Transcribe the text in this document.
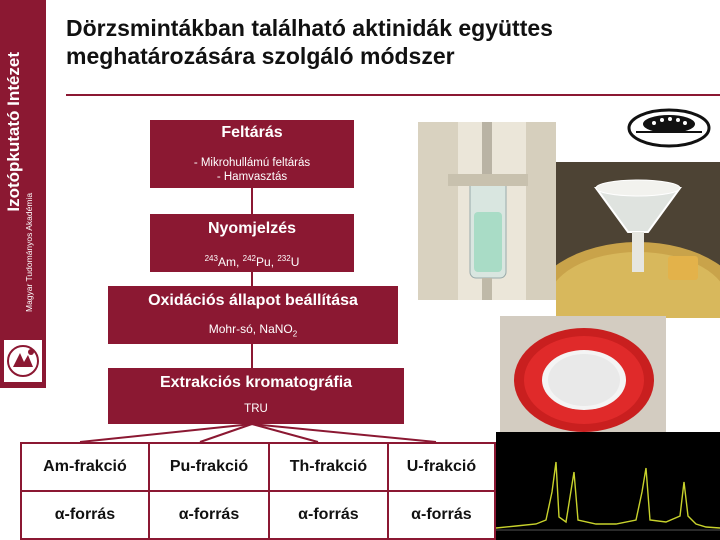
Izotópkutató Intézet
Magyar Tudományos Akadémia
Dörzsmintákban található aktinidák együttes meghatározására szolgáló módszer
Feltárás
- Mikrohullámú feltárás
- Hamvasztás
Nyomjelzés
$^{243}$Am, $^{242}$Pu, $^{232}$U
Oxidációs állapot beállítása
Mohr-só, NaNO$_2$
Extrakciós kromatográfia
TRU
Am-frakció	Pu-frakció	Th-frakció	U-frakció
α-forrás	α-forrás	α-forrás	α-forrás
